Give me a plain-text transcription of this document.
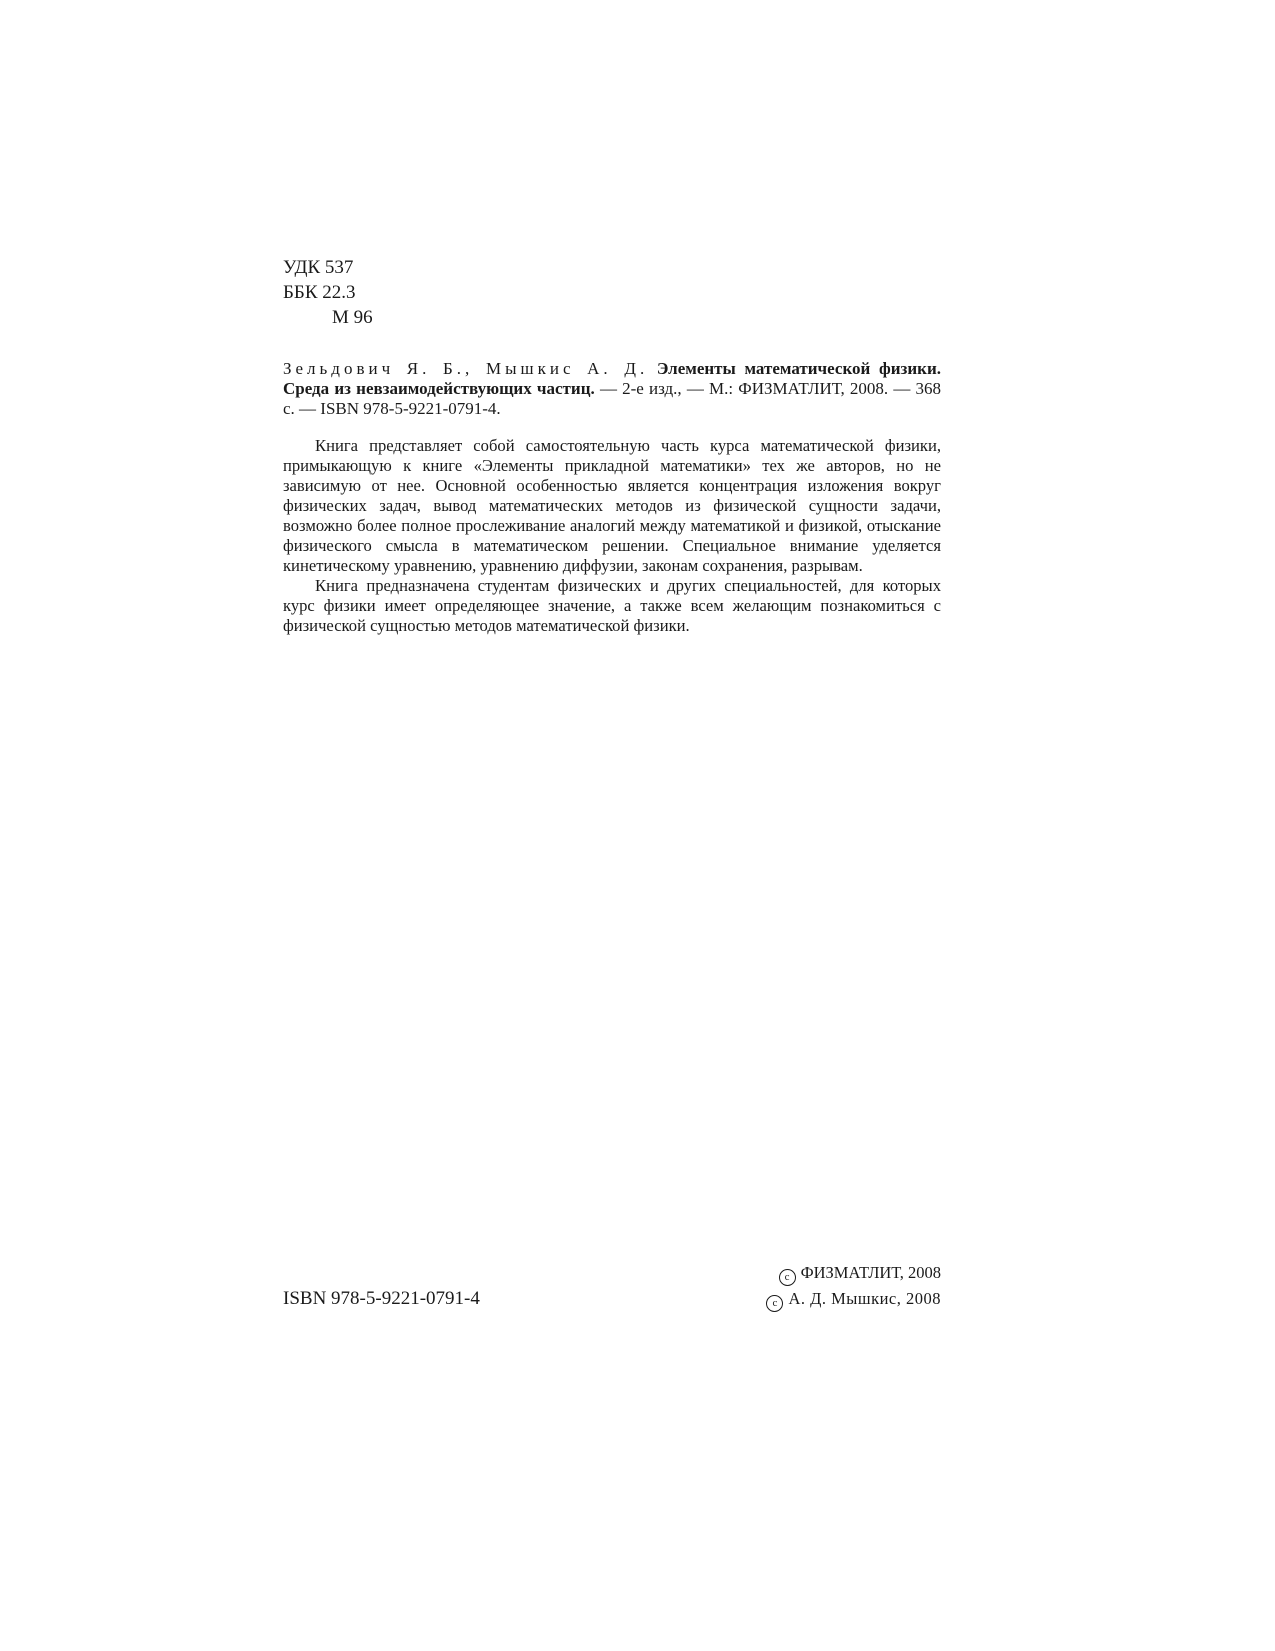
УДК 537
ББК 22.3
М 96
Зельдович Я. Б., Мышкис А. Д. Элементы математической физики. Среда из невзаимодействующих частиц. — 2-е изд., — М.: ФИЗМАТЛИТ, 2008. — 368 с. — ISBN 978-5-9221-0791-4.

Книга представляет собой самостоятельную часть курса математической физики, примыкающую к книге «Элементы прикладной математики» тех же авторов, но не зависимую от нее. Основной особенностью является концентрация изложения вокруг физических задач, вывод математических методов из физической сущности задачи, возможно более полное прослеживание аналогий между математикой и физикой, отыскание физического смысла в математическом решении. Специальное внимание уделяется кинетическому уравнению, уравнению диффузии, законам сохранения, разрывам.

Книга предназначена студентам физических и других специальностей, для которых курс физики имеет определяющее значение, а также всем желающим познакомиться с физической сущностью методов математической физики.

ISBN 978-5-9221-0791-4
c ФИЗМАТЛИТ, 2008
c А. Д. Мышкис, 2008
